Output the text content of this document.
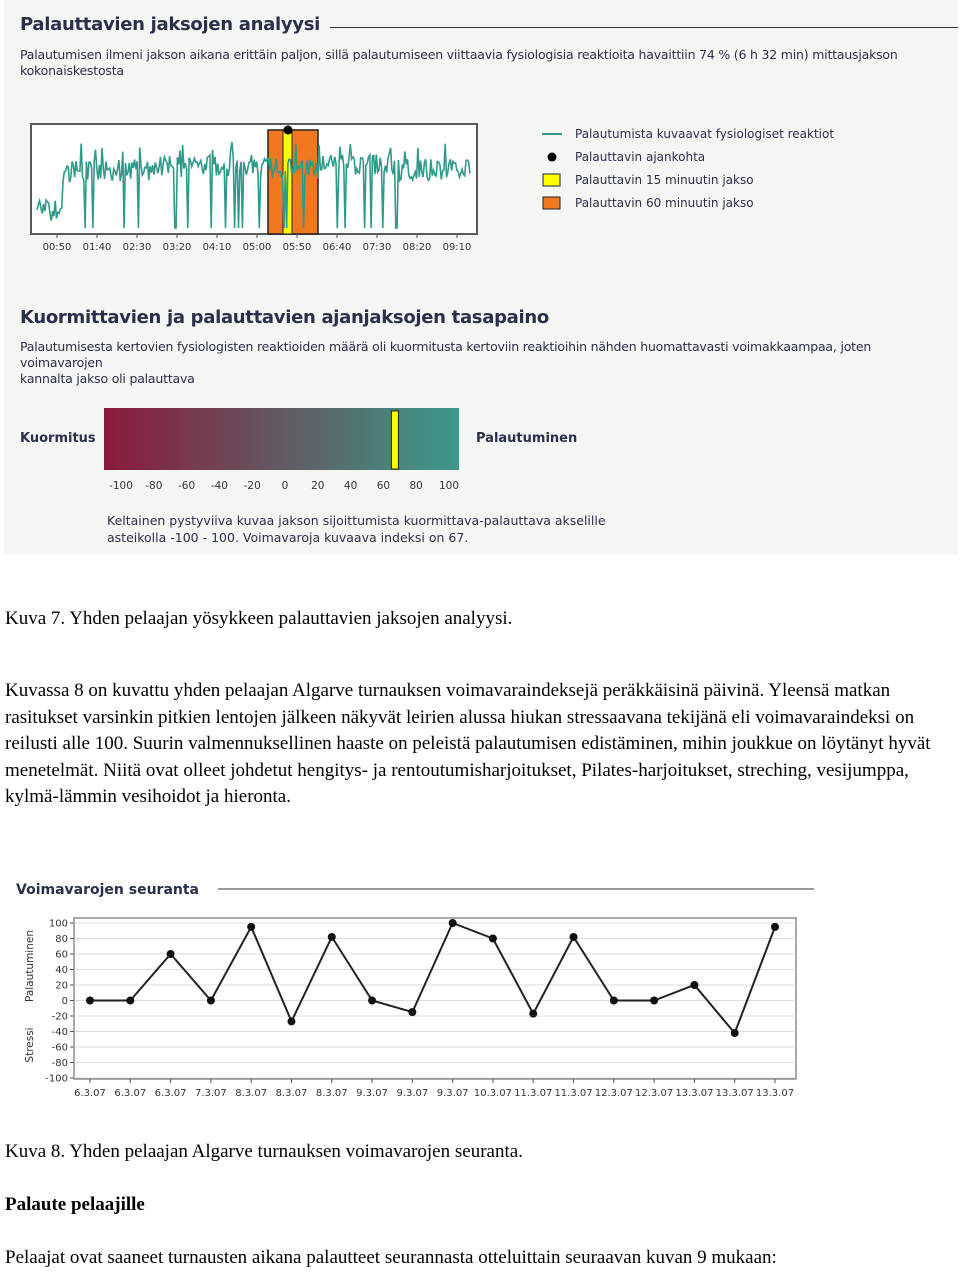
Palauttavien jaksojen analyysi
Palautumisen ilmeni jakson aikana erittäin paljon, sillä palautumiseen viittaavia fysiologisia reaktioita havaittiin 74 % (6 h 32 min) mittausjakson
kokonaiskestosta
00:50 01:40 02:30 03:20 04:10 05:00 05:50 06:40 07:30 08:20 09:10
Palautumista kuvaavat fysiologiset reaktiot
Palauttavin ajankohta
Palauttavin 15 minuutin jakso
Palauttavin 60 minuutin jakso
Kuormittavien ja palauttavien ajanjaksojen tasapaino
Palautumisesta kertovien fysiologisten reaktioiden määrä oli kuormitusta kertoviin reaktioihin nähden huomattavasti voimakkaampaa, joten voimavarojen
kannalta jakso oli palauttava
Kuormitus	Palautuminen
-100 -80 -60 -40 -20 0 20 40 60 80 100
Keltainen pystyviiva kuvaa jakson sijoittumista kuormittava-palauttava akselille
asteikolla -100 - 100. Voimavaroja kuvaava indeksi on 67.
Kuva 7. Yhden pelaajan yösykkeen palauttavien jaksojen analyysi.
Kuvassa 8 on kuvattu yhden pelaajan Algarve turnauksen voimavaraindeksejä peräkkäisinä päivinä. Yleensä matkan rasitukset varsinkin pitkien lentojen jälkeen näkyvät leirien alussa hiukan stressaavana tekijänä eli voimavaraindeksi on reilusti alle 100. Suurin valmennuksellinen haaste on peleistä palautumisen edistäminen, mihin joukkue on löytänyt hyvät menetelmät. Niitä ovat olleet johdetut hengitys- ja rentoutumisharjoitukset, Pilates-harjoitukset, streching, vesijumppa, kylmä-lämmin vesihoidot ja hieronta.
Voimavarojen seuranta
100
80
60
40
20
0
-20
-40
-60
-80
-100
Palautuminen
Stressi
6.3.07 6.3.07 6.3.07 7.3.07 8.3.07 8.3.07 8.3.07 9.3.07 9.3.07 9.3.07 10.3.07 11.3.07 11.3.07 12.3.07 12.3.07 13.3.07 13.3.07 13.3.07
Kuva 8. Yhden pelaajan Algarve turnauksen voimavarojen seuranta.
Palaute pelaajille
Pelaajat ovat saaneet turnausten aikana palautteet seurannasta otteluittain seuraavan kuvan 9 mukaan:
